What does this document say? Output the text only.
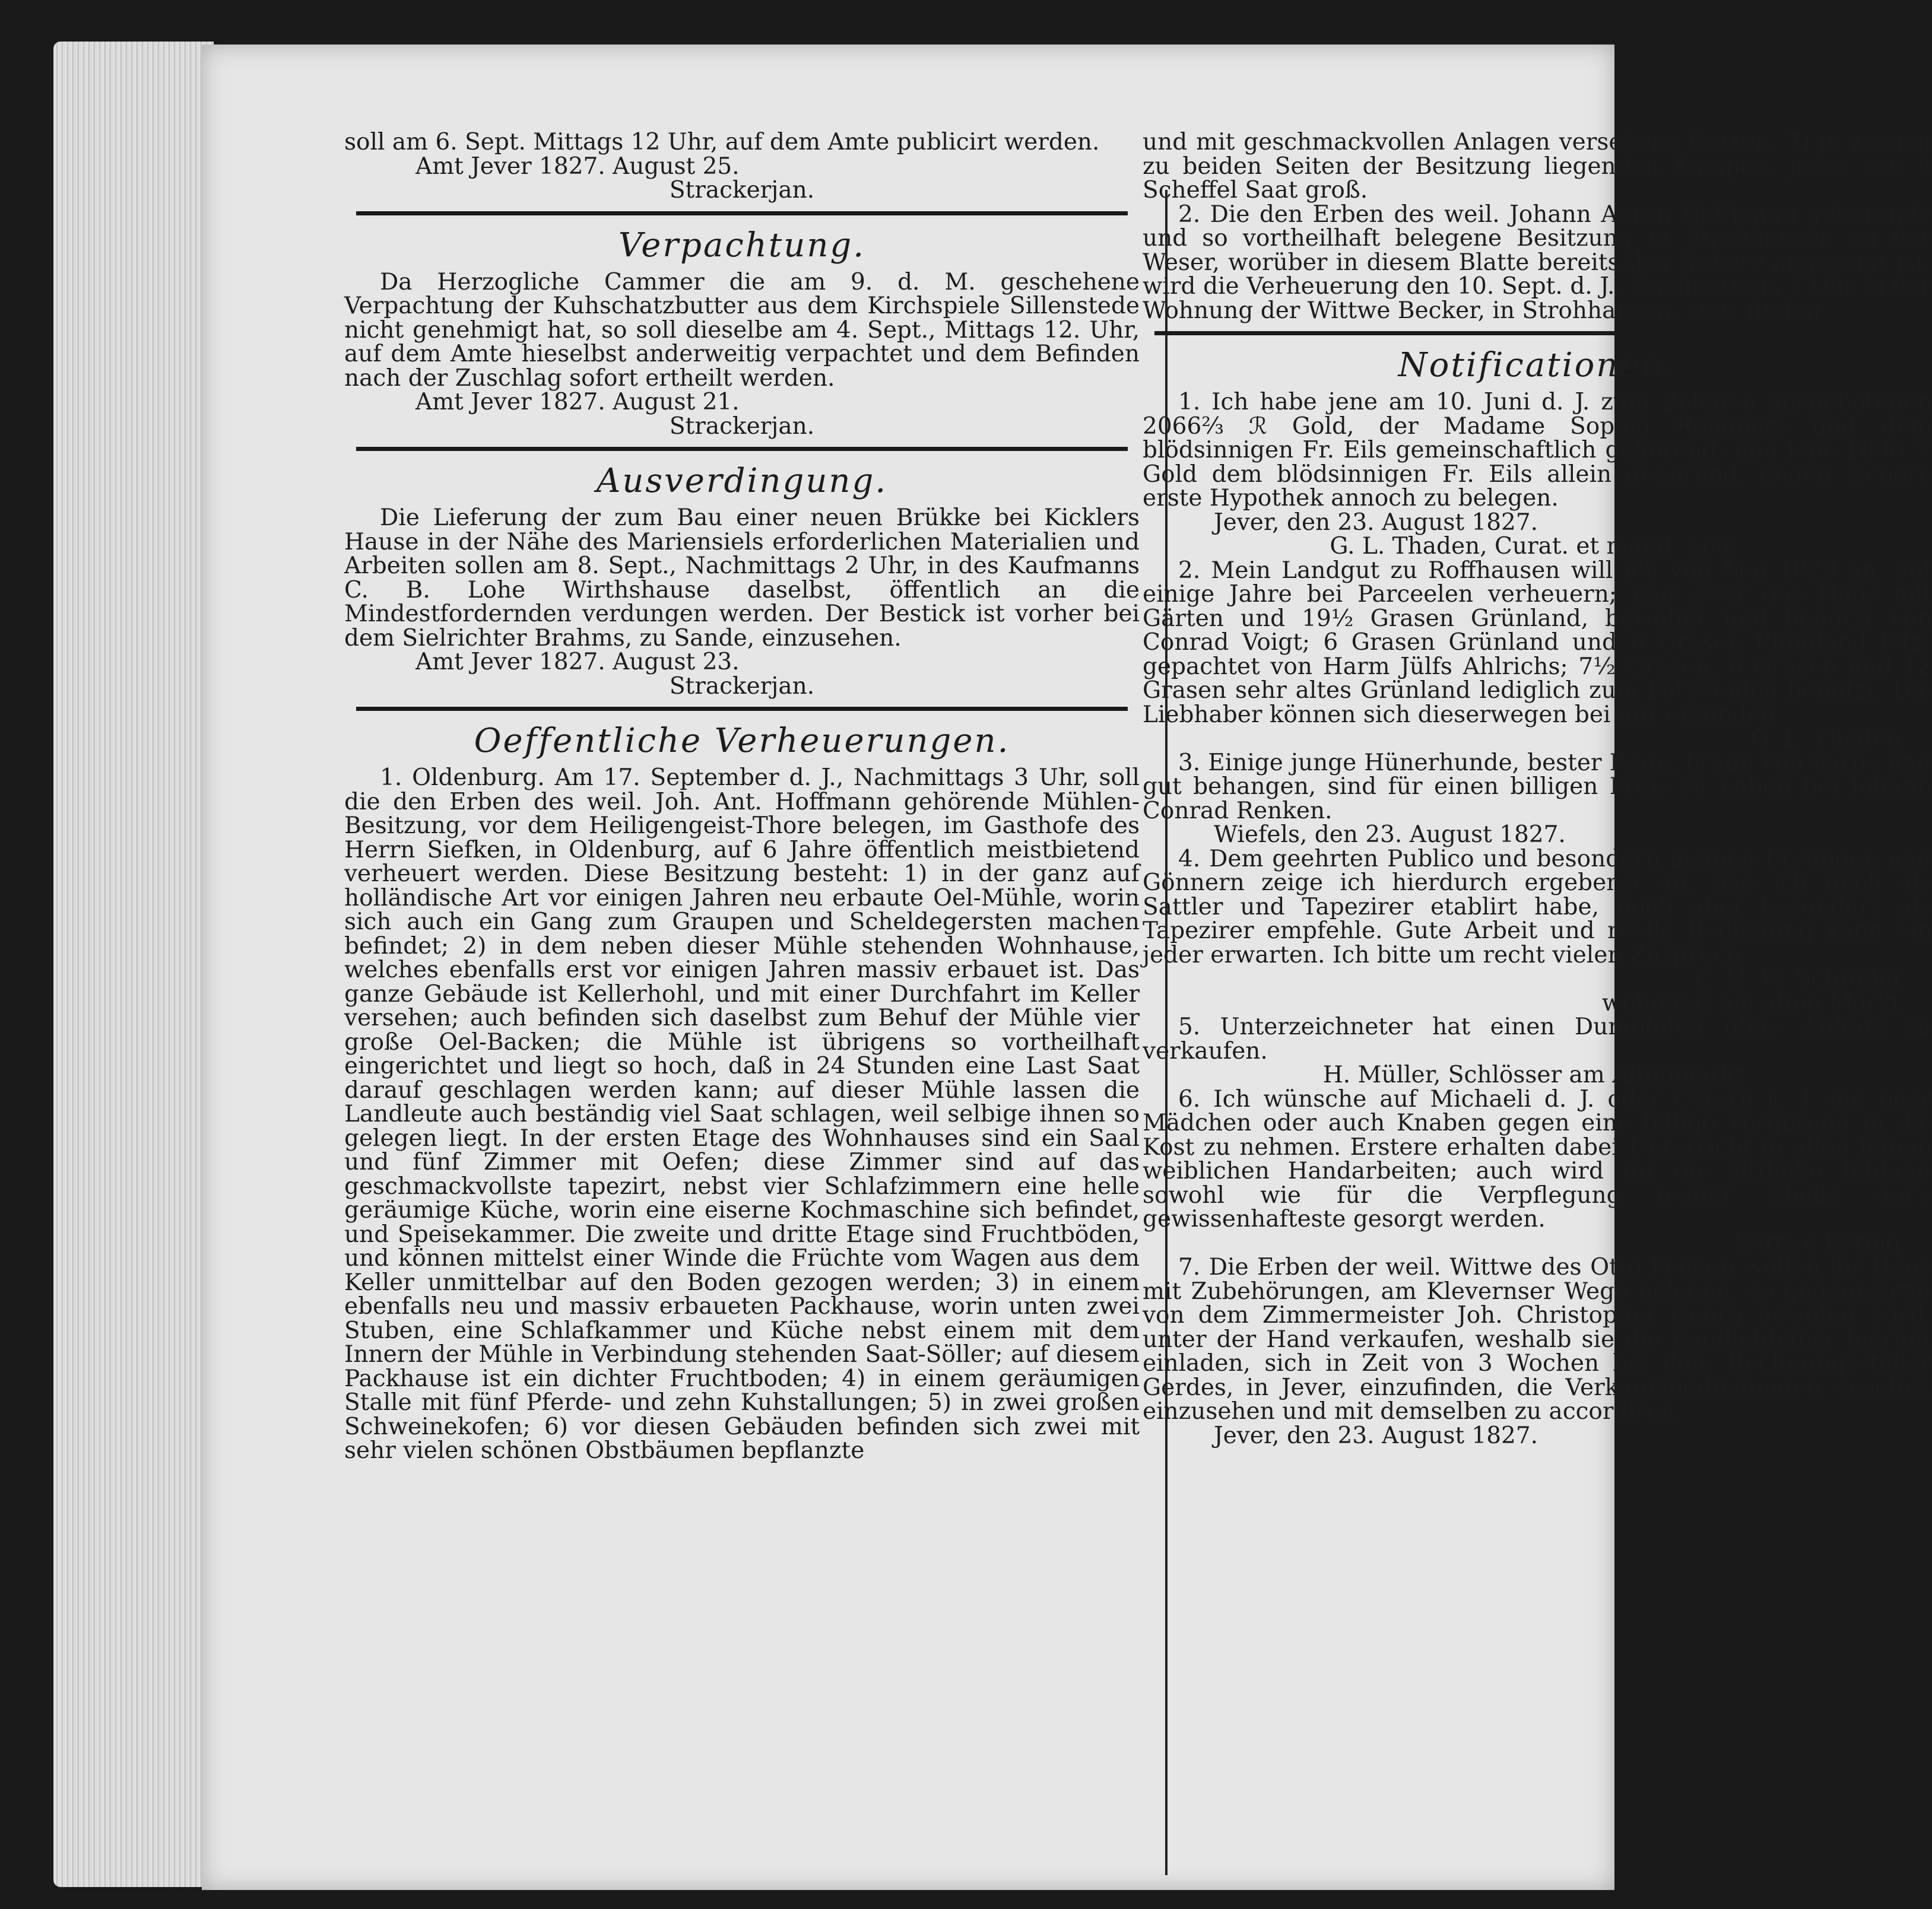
soll am 6. Sept. Mittags 12 Uhr, auf dem Amte publicirt werden.

Amt Jever 1827. August 25.

Strackerjan.

Verpachtung.

Da Herzogliche Cammer die am 9. d. M. geschehene Verpachtung der Kuhschatzbutter aus dem Kirchspiele Sillenstede nicht genehmigt hat, so soll dieselbe am 4. Sept., Mittags 12. Uhr, auf dem Amte hieselbst anderweitig verpachtet und dem Befinden nach der Zuschlag sofort ertheilt werden.

Amt Jever 1827. August 21.

Strackerjan.

Ausverdingung.

Die Lieferung der zum Bau einer neuen Brükke bei Kicklers Hause in der Nähe des Mariensiels erforderlichen Materialien und Arbeiten sollen am 8. Sept., Nachmittags 2 Uhr, in des Kaufmanns C. B. Lohe Wirthshause daselbst, öffentlich an die Mindestfordernden verdungen werden. Der Bestick ist vorher bei dem Sielrichter Brahms, zu Sande, einzusehen.

Amt Jever 1827. August 23.

Strackerjan.

Oeffentliche Verheuerungen.

1. Oldenburg. Am 17. September d. J., Nachmittags 3 Uhr, soll die den Erben des weil. Joh. Ant. Hoffmann gehörende Mühlen-Besitzung, vor dem Heiligengeist-Thore belegen, im Gasthofe des Herrn Siefken, in Oldenburg, auf 6 Jahre öffentlich meistbietend verheuert werden. Diese Besitzung besteht: 1) in der ganz auf holländische Art vor einigen Jahren neu erbaute Oel-Mühle, worin sich auch ein Gang zum Graupen und Scheldegersten machen befindet; 2) in dem neben dieser Mühle stehenden Wohnhause, welches ebenfalls erst vor einigen Jahren massiv erbauet ist. Das ganze Gebäude ist Kellerhohl, und mit einer Durchfahrt im Keller versehen; auch befinden sich daselbst zum Behuf der Mühle vier große Oel-Backen; die Mühle ist übrigens so vortheilhaft eingerichtet und liegt so hoch, daß in 24 Stunden eine Last Saat darauf geschlagen werden kann; auf dieser Mühle lassen die Landleute auch beständig viel Saat schlagen, weil selbige ihnen so gelegen liegt. In der ersten Etage des Wohnhauses sind ein Saal und fünf Zimmer mit Oefen; diese Zimmer sind auf das geschmackvollste tapezirt, nebst vier Schlafzimmern eine helle geräumige Küche, worin eine eiserne Kochmaschine sich befindet, und Speisekammer. Die zweite und dritte Etage sind Fruchtböden, und können mittelst einer Winde die Früchte vom Wagen aus dem Keller unmittelbar auf den Boden gezogen werden; 3) in einem ebenfalls neu und massiv erbaueten Packhause, worin unten zwei Stuben, eine Schlafkammer und Küche nebst einem mit dem Innern der Mühle in Verbindung stehenden Saat-Söller; auf diesem Packhause ist ein dichter Fruchtboden; 4) in einem geräumigen Stalle mit fünf Pferde- und zehn Kuhstallungen; 5) in zwei großen Schweinekofen; 6) vor diesen Gebäuden befinden sich zwei mit sehr vielen schönen Obstbäumen bepflanzte

und mit geschmackvollen Anlagen versehene Gärten; 7) in zweien zu beiden Seiten der Besitzung liegenden Kämpen, jeder von 8 Scheffel Saat groß.

2. Die den Erben des weil. Johann Anton Hoffmann gehörende und so vortheilhaft belegene Besitzung in Strohhausen an der Weser, worüber in diesem Blatte bereits das Nähere angezeigt ist, wird die Verheuerung den 10. Sept. d. J., Nachmittags 3 Uhr in der Wohnung der Wittwe Becker, in Strohhausen, statt finden.

Notificationen.

1. Ich habe jene am 10. Juni d. J. zum Belegen ausgebotenen 2066⅔ ℛ Gold, der Madame Sophia Remmers und dem blödsinnigen Fr. Eils gemeinschaftlich gehörend; und jene 1090 ℛ Gold dem blödsinnigen Fr. Eils allein gehörend, gegen sichere erste Hypothek annoch zu belegen.

Jever, den 23. August 1827.

G. L. Thaden, Curat. et mand. nom.

2. Mein Landgut zu Roffhausen will ich von Mai 1828 an, auf einige Jahre bei Parceelen verheuern; und zwar das Haus mit Gärten und 19½ Grasen Grünland, bewohnt und benutzt von Conrad Voigt; 6 Grasen Grünland und 6 Grasen Pflugland jetzt gepachtet von Harm Jülfs Ahlrichs; 7½ Grasen, 6 Grasen und 12 Grasen sehr altes Grünland lediglich zum Fettweiden benutzt. Die Liebhaber können sich dieserwegen bei mir einfinden.

G. L. Thaden.

3. Einige junge Hünerhunde, bester Rage, braun von Farbe und gut behangen, sind für einen billigen Preis zu haben bei Johann Conrad Renken.

Wiefels, den 23. August 1827.

4. Dem geehrten Publico und besondern meinen Freunden und Gönnern zeige ich hierdurch ergebenst an, daß ich mich als Sattler und Tapezirer etablirt habe, mich aber besonders als Tapezirer empfehle. Gute Arbeit und reelle Bedienung kann ein jeder erwarten. Ich bitte um recht vielen Zuspruch.

C. H. W. Schröder,

wohnhaft am alten Markt.

5. Unterzeichneter hat einen Dumpfofen ohne Auffatz zu verkaufen.

H. Müller, Schlösser am Altenmarkt.

6. Ich wünsche auf Michaeli d. J. oder Ostern k. J. ein paar Mädchen oder auch Knaben gegen eine billige Vergütung in die Kost zu nehmen. Erstere erhalten dabei Unterricht in allen feinen weiblichen Handarbeiten; auch wird für die sittliche Bildung sowohl wie für die Verpflegung beider Theile auf's gewissenhafteste gesorgt werden.

Wittwe Eyting.

7. Die Erben der weil. Wittwe des Otto Peeken wollen ihr Haus mit Zubehörungen, am Klevernser Wege belegen, so gegenwärtig von dem Zimmermeister Joh. Christopher Georg bewohnt wird, unter der Hand verkaufen, weshalb sie die Kaufliebhaber hiermit einladen, sich in Zeit von 3 Wochen bei dem Rechnungssteller Gerdes, in Jever, einzufinden, die Verkaufsbedingungen daselbst einzusehen und mit demselben zu accordiren.

Jever, den 23. August 1827.
